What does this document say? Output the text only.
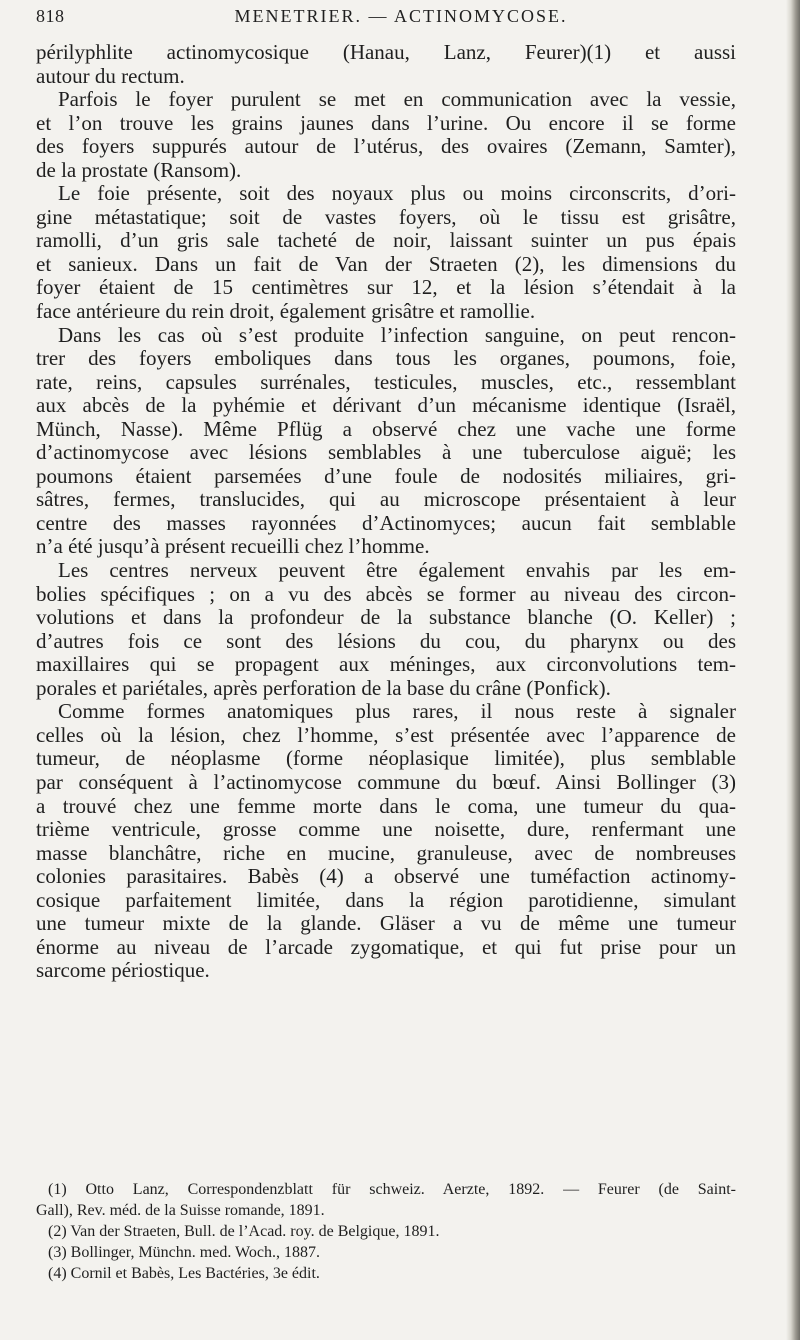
818	MENETRIER. — ACTINOMYCOSE.
périlyphlite actinomycosique (Hanau, Lanz, Feurer)(1) et aussi
autour du rectum.
Parfois le foyer purulent se met en communication avec la vessie,
et l’on trouve les grains jaunes dans l’urine. Ou encore il se forme
des foyers suppurés autour de l’utérus, des ovaires (Zemann, Samter),
de la prostate (Ransom).
Le foie présente, soit des noyaux plus ou moins circonscrits, d’ori-
gine métastatique; soit de vastes foyers, où le tissu est grisâtre,
ramolli, d’un gris sale tacheté de noir, laissant suinter un pus épais
et sanieux. Dans un fait de Van der Straeten (2), les dimensions du
foyer étaient de 15 centimètres sur 12, et la lésion s’étendait à la
face antérieure du rein droit, également grisâtre et ramollie.
Dans les cas où s’est produite l’infection sanguine, on peut rencon-
trer des foyers emboliques dans tous les organes, poumons, foie,
rate, reins, capsules surrénales, testicules, muscles, etc., ressemblant
aux abcès de la pyhémie et dérivant d’un mécanisme identique (Israël,
Münch, Nasse). Même Pflüg a observé chez une vache une forme
d’actinomycose avec lésions semblables à une tuberculose aiguë; les
poumons étaient parsemées d’une foule de nodosités miliaires, gri-
sâtres, fermes, translucides, qui au microscope présentaient à leur
centre des masses rayonnées d’Actinomyces; aucun fait semblable
n’a été jusqu’à présent recueilli chez l’homme.
Les centres nerveux peuvent être également envahis par les em-
bolies spécifiques ; on a vu des abcès se former au niveau des circon-
volutions et dans la profondeur de la substance blanche (O. Keller) ;
d’autres fois ce sont des lésions du cou, du pharynx ou des
maxillaires qui se propagent aux méninges, aux circonvolutions tem-
porales et pariétales, après perforation de la base du crâne (Ponfick).
Comme formes anatomiques plus rares, il nous reste à signaler
celles où la lésion, chez l’homme, s’est présentée avec l’apparence de
tumeur, de néoplasme (forme néoplasique limitée), plus semblable
par conséquent à l’actinomycose commune du bœuf. Ainsi Bollinger (3)
a trouvé chez une femme morte dans le coma, une tumeur du qua-
trième ventricule, grosse comme une noisette, dure, renfermant une
masse blanchâtre, riche en mucine, granuleuse, avec de nombreuses
colonies parasitaires. Babès (4) a observé une tuméfaction actinomy-
cosique parfaitement limitée, dans la région parotidienne, simulant
une tumeur mixte de la glande. Gläser a vu de même une tumeur
énorme au niveau de l’arcade zygomatique, et qui fut prise pour un
sarcome périostique.
(1) Otto Lanz, Correspondenzblatt für schweiz. Aerzte, 1892. — Feurer (de Saint-
Gall), Rev. méd. de la Suisse romande, 1891.
(2) Van der Straeten, Bull. de l’Acad. roy. de Belgique, 1891.
(3) Bollinger, Münchn. med. Woch., 1887.
(4) Cornil et Babès, Les Bactéries, 3e édit.
